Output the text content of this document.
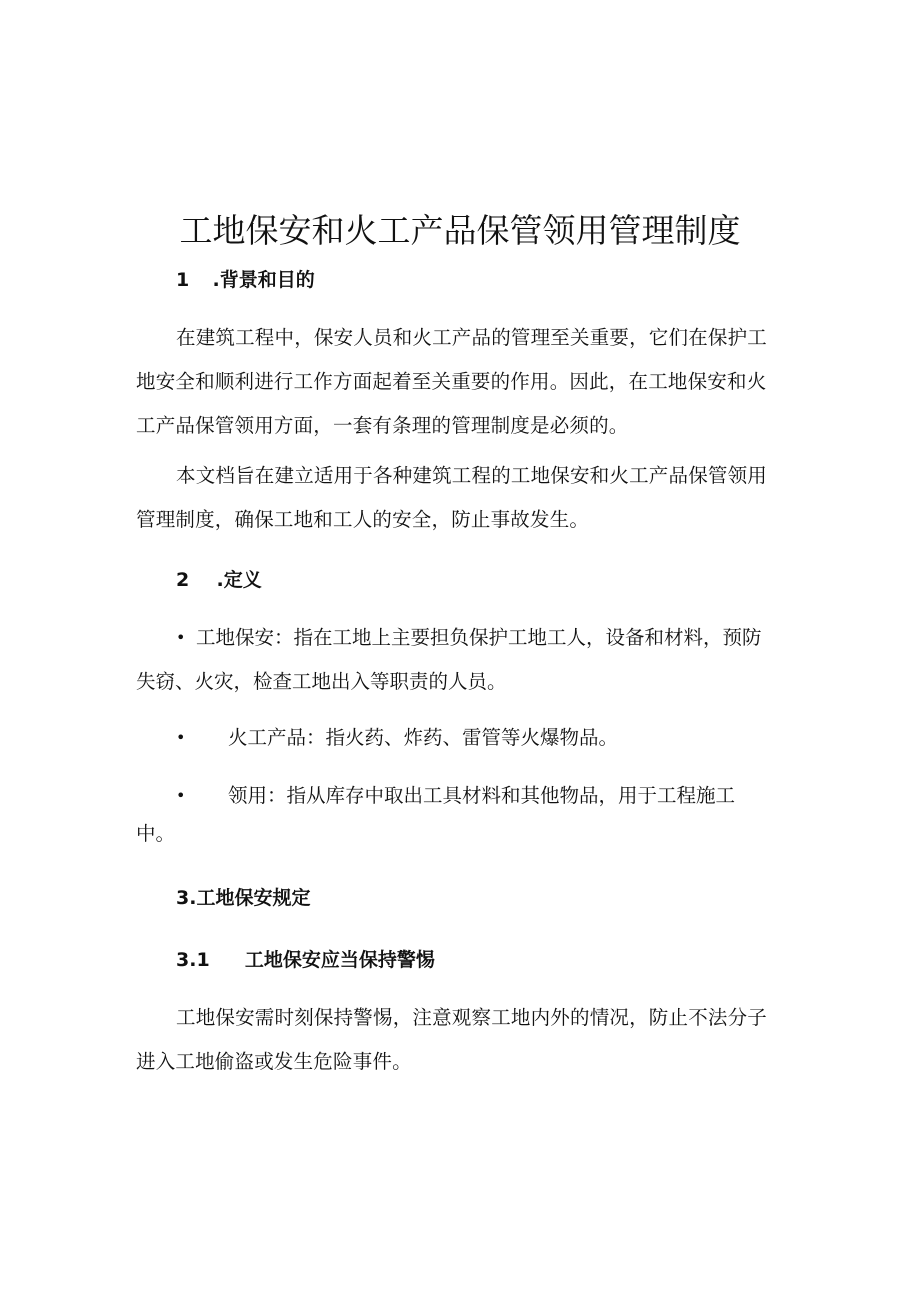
工地保安和火工产品保管领用管理制度
1 .背景和目的

在建筑工程中，保安人员和火工产品的管理至关重要，它们在保护工地安全和顺利进行工作方面起着至关重要的作用。因此，在工地保安和火工产品保管领用方面，一套有条理的管理制度是必须的。

本文档旨在建立适用于各种建筑工程的工地保安和火工产品保管领用管理制度，确保工地和工人的安全，防止事故发生。

2 .定义
• 工地保安：指在工地上主要担负保护工地工人，设备和材料，预防

失窃、火灾，检查工地出入等职责的人员。

• 火工产品：指火药、炸药、雷管等火爆物品。

• 领用：指从库存中取出工具材料和其他物品，用于工程施工

中。

3.工地保安规定
3.1 工地保安应当保持警惕

工地保安需时刻保持警惕，注意观察工地内外的情况，防止不法分子进入工地偷盗或发生危险事件。
